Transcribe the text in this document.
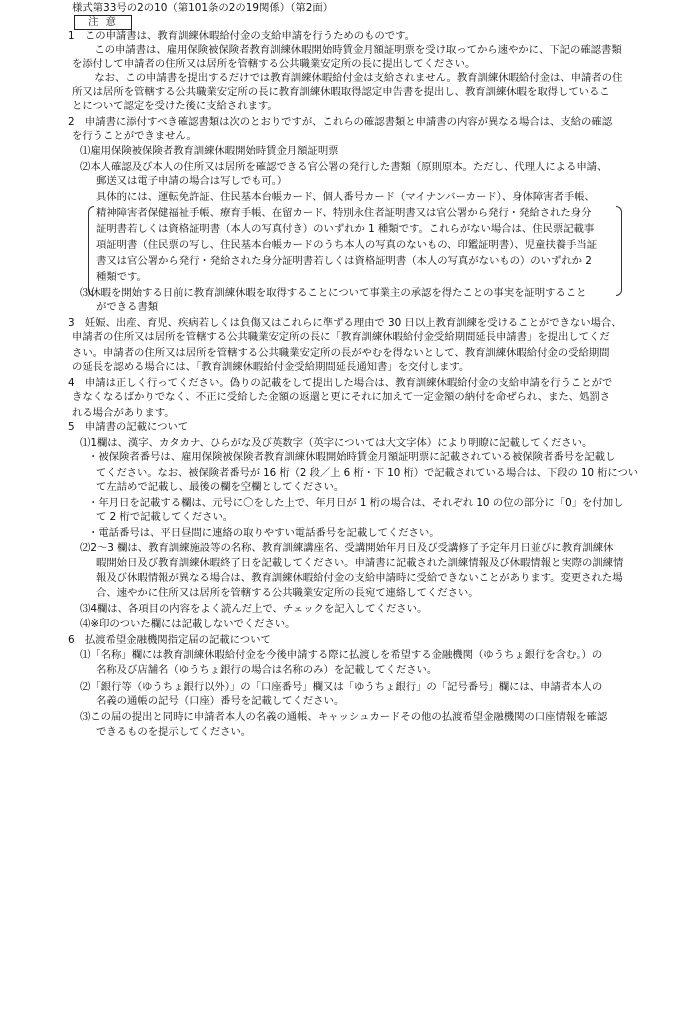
様式第33号の2の10（第101条の2の19関係）（第2面）
注 意
1　この申請書は、教育訓練休暇給付金の支給申請を行うためのものです。
　この申請書は、雇用保険被保険者教育訓練休暇開始時賃金月額証明票を受け取ってから速やかに、下記の確認書類
を添付して申請者の住所又は居所を管轄する公共職業安定所の長に提出してください。
　なお、この申請書を提出するだけでは教育訓練休暇給付金は支給されません。教育訓練休暇給付金は、申請者の住
所又は居所を管轄する公共職業安定所の長に教育訓練休暇取得認定申告書を提出し、教育訓練休暇を取得しているこ
とについて認定を受けた後に支給されます。
2　申請書に添付すべき確認書類は次のとおりですが、これらの確認書類と申請書の内容が異なる場合は、支給の確認
を行うことができません。
⑴雇用保険被保険者教育訓練休暇開始時賃金月額証明票
⑵本人確認及び本人の住所又は居所を確認できる官公署の発行した書類（原則原本。ただし、代理人による申請、
郵送又は電子申請の場合は写しでも可。）
具体的には、運転免許証、住民基本台帳カード、個人番号カード（マイナンバーカード）、身体障害者手帳、
精神障害者保健福祉手帳、療育手帳、在留カード、特別永住者証明書又は官公署から発行・発給された身分
証明書若しくは資格証明書（本人の写真付き）のいずれか 1 種類です。これらがない場合は、住民票記載事
項証明書（住民票の写し、住民基本台帳カードのうち本人の写真のないもの、印鑑証明書）、児童扶養手当証
書又は官公署から発行・発給された身分証明書若しくは資格証明書（本人の写真がないもの）のいずれか 2
種類です。
⑶休暇を開始する日前に教育訓練休暇を取得することについて事業主の承認を得たことの事実を証明すること
ができる書類
3　妊娠、出産、育児、疾病若しくは負傷又はこれらに準ずる理由で 30 日以上教育訓練を受けることができない場合、
申請者の住所又は居所を管轄する公共職業安定所の長に「教育訓練休暇給付金受給期間延長申請書」を提出してくだ
さい。申請者の住所又は居所を管轄する公共職業安定所の長がやむを得ないとして、教育訓練休暇給付金の受給期間
の延長を認める場合には、「教育訓練休暇給付金受給期間延長通知書」を交付します。
4　申請は正しく行ってください。偽りの記載をして提出した場合は、教育訓練休暇給付金の支給申請を行うことがで
きなくなるばかりでなく、不正に受給した金額の返還と更にそれに加えて一定金額の納付を命ぜられ、また、処罰さ
れる場合があります。
5　申請書の記載について
⑴1欄は、漢字、カタカナ、ひらがな及び英数字（英字については大文字体）により明瞭に記載してください。
・被保険者番号は、雇用保険被保険者教育訓練休暇開始時賃金月額証明票に記載されている被保険者番号を記載し
てください。なお、被保険者番号が 16 桁（2 段／上 6 桁・下 10 桁）で記載されている場合は、下段の 10 桁につい
て左詰めで記載し、最後の欄を空欄としてください。
・年月日を記載する欄は、元号に〇をした上で、年月日が 1 桁の場合は、それぞれ 10 の位の部分に「0」を付加し
て 2 桁で記載してください。
・電話番号は、平日昼間に連絡の取りやすい電話番号を記載してください。
⑵2～3 欄は、教育訓練施設等の名称、教育訓練講座名、受講開始年月日及び受講修了予定年月日並びに教育訓練休
暇開始日及び教育訓練休暇終了日を記載してください。申請書に記載された訓練情報及び休暇情報と実際の訓練情
報及び休暇情報が異なる場合は、教育訓練休暇給付金の支給申請時に受給できないことがあります。変更された場
合、速やかに住所又は居所を管轄する公共職業安定所の長宛て連絡してください。
⑶4欄は、各項目の内容をよく読んだ上で、チェックを記入してください。
⑷※印のついた欄には記載しないでください。
6　払渡希望金融機関指定届の記載について
⑴「名称」欄には教育訓練休暇給付金を今後申請する際に払渡しを希望する金融機関（ゆうちょ銀行を含む。）の
名称及び店舗名（ゆうちょ銀行の場合は名称のみ）を記載してください。
⑵「銀行等（ゆうちょ銀行以外）」の「口座番号」欄又は「ゆうちょ銀行」の「記号番号」欄には、申請者本人の
名義の通帳の記号（口座）番号を記載してください。
⑶この届の提出と同時に申請者本人の名義の通帳、キャッシュカードその他の払渡希望金融機関の口座情報を確認
できるものを提示してください。
